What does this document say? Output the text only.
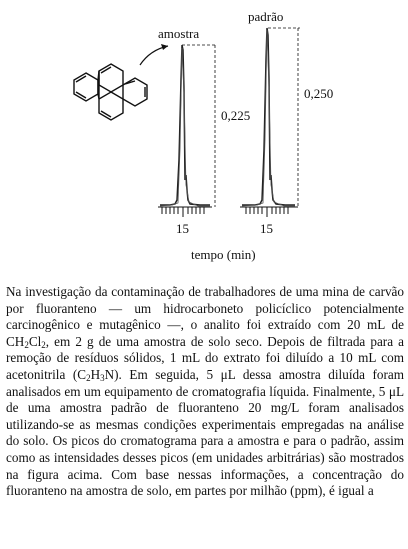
amostra
padrão
15
0,225
15
0,250
tempo (min)

Na investigação da contaminação de trabalhadores de uma mina de carvão por fluoranteno — um hidrocarboneto policíclico potencialmente carcinogênico e mutagênico —, o analito foi extraído com 20 mL de $CH_2Cl_2$, em 2 g de uma amostra de solo seco. Depois de filtrada para a remoção de resíduos sólidos, 1 mL do extrato foi diluído a 10 mL com acetonitrila $(C_2H_3N)$. Em seguida, 5 μL dessa amostra diluída foram analisados em um equipamento de cromatografia líquida. Finalmente, 5 μL de uma amostra padrão de fluoranteno 20 mg/L foram analisados utilizando-se as mesmas condições experimentais empregadas na análise do solo. Os picos do cromatograma para a amostra e para o padrão, assim como as intensidades desses picos (em unidades arbitrárias) são mostrados na figura acima. Com base nessas informações, a concentração do fluoranteno na amostra de solo, em partes por milhão (ppm), é igual a
